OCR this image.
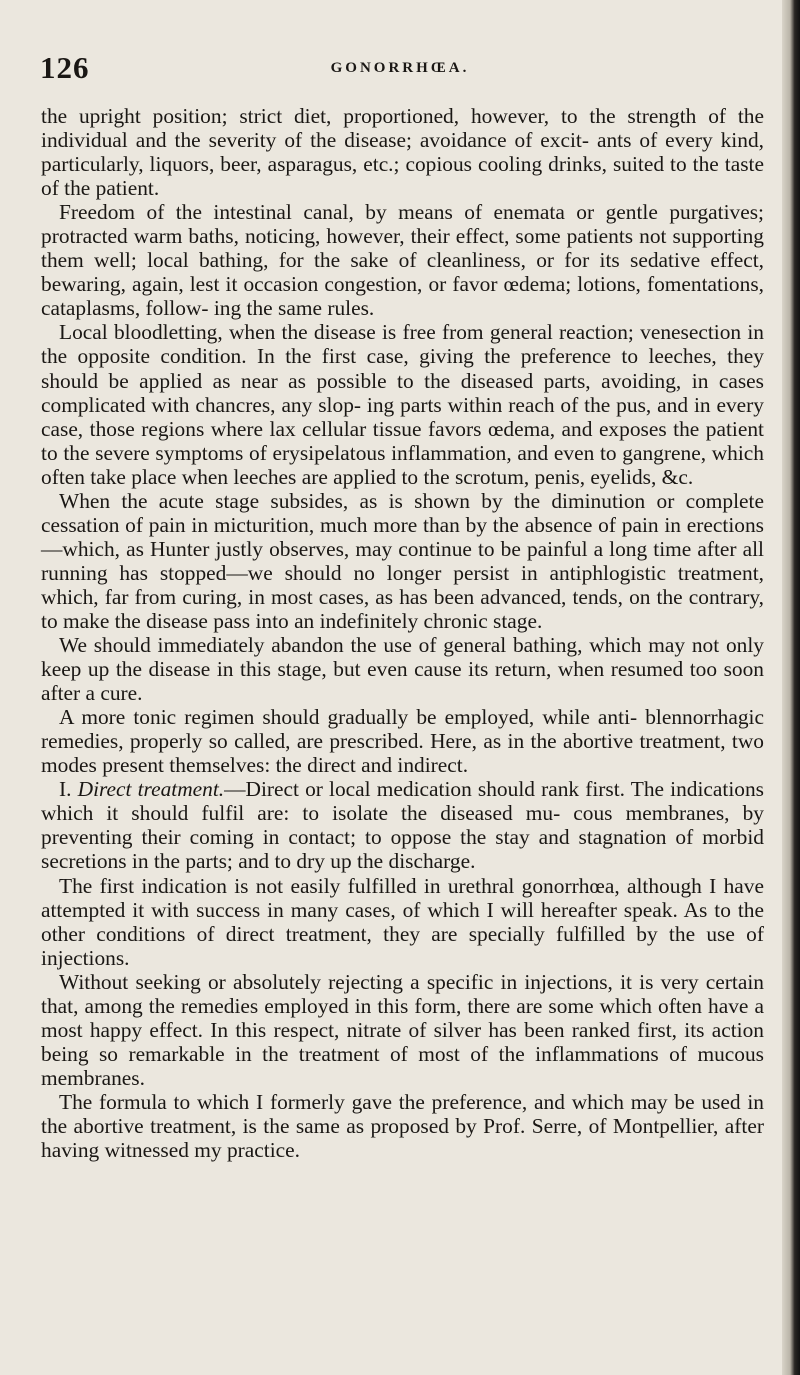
126	GONORRHŒA.

the upright position; strict diet, proportioned, however, to the strength of the individual and the severity of the disease; avoidance of excit- ants of every kind, particularly, liquors, beer, asparagus, etc.; copious cooling drinks, suited to the taste of the patient.

Freedom of the intestinal canal, by means of enemata or gentle purgatives; protracted warm baths, noticing, however, their effect, some patients not supporting them well; local bathing, for the sake of cleanliness, or for its sedative effect, bewaring, again, lest it occasion congestion, or favor œdema; lotions, fomentations, cataplasms, follow- ing the same rules.

Local bloodletting, when the disease is free from general reaction; venesection in the opposite condition. In the first case, giving the preference to leeches, they should be applied as near as possible to the diseased parts, avoiding, in cases complicated with chancres, any slop- ing parts within reach of the pus, and in every case, those regions where lax cellular tissue favors œdema, and exposes the patient to the severe symptoms of erysipelatous inflammation, and even to gangrene, which often take place when leeches are applied to the scrotum, penis, eyelids, &c.

When the acute stage subsides, as is shown by the diminution or complete cessation of pain in micturition, much more than by the absence of pain in erections—which, as Hunter justly observes, may continue to be painful a long time after all running has stopped—we should no longer persist in antiphlogistic treatment, which, far from curing, in most cases, as has been advanced, tends, on the contrary, to make the disease pass into an indefinitely chronic stage.

We should immediately abandon the use of general bathing, which may not only keep up the disease in this stage, but even cause its return, when resumed too soon after a cure.

A more tonic regimen should gradually be employed, while anti- blennorrhagic remedies, properly so called, are prescribed. Here, as in the abortive treatment, two modes present themselves: the direct and indirect.

I. Direct treatment.—Direct or local medication should rank first. The indications which it should fulfil are: to isolate the diseased mu- cous membranes, by preventing their coming in contact; to oppose the stay and stagnation of morbid secretions in the parts; and to dry up the discharge.

The first indication is not easily fulfilled in urethral gonorrhœa, although I have attempted it with success in many cases, of which I will hereafter speak. As to the other conditions of direct treatment, they are specially fulfilled by the use of injections.

Without seeking or absolutely rejecting a specific in injections, it is very certain that, among the remedies employed in this form, there are some which often have a most happy effect. In this respect, nitrate of silver has been ranked first, its action being so remarkable in the treatment of most of the inflammations of mucous membranes.

The formula to which I formerly gave the preference, and which may be used in the abortive treatment, is the same as proposed by Prof. Serre, of Montpellier, after having witnessed my practice.
